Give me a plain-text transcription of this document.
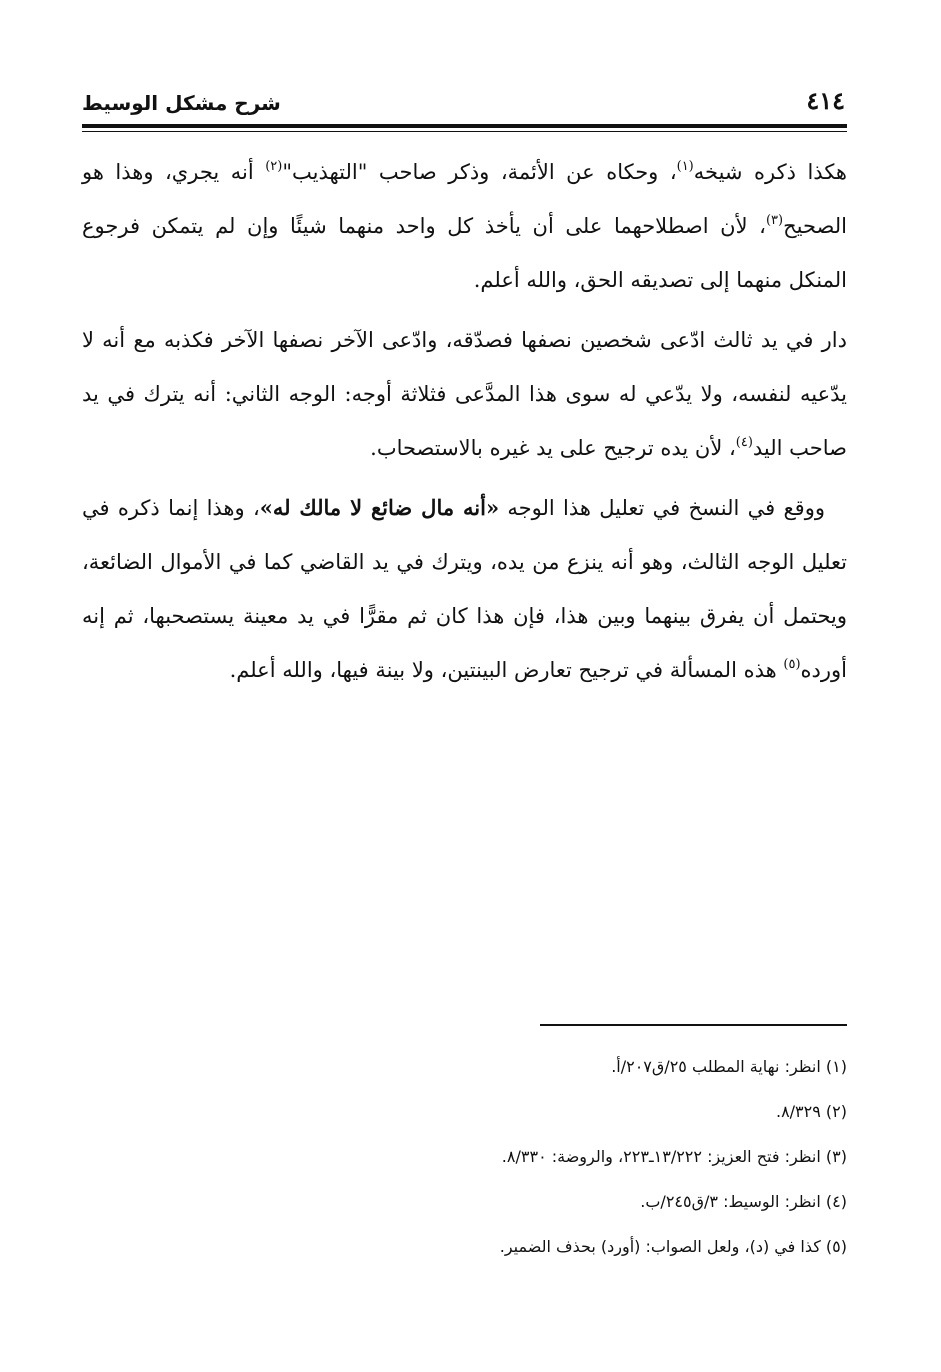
٤١٤
شرح مشكل الوسيط

هكذا ذكره شيخه$^{(١)}$، وحكاه عن الأئمة، وذكر صاحب "التهذيب"$^{(٢)}$ أنه يجري، وهذا هو الصحيح$^{(٣)}$، لأن اصطلاحهما على أن يأخذ كل واحد منهما شيئًا وإن لم يتمكن فرجوع المنكل منهما إلى تصديقه الحق، والله أعلم.

دار في يد ثالث ادّعى شخصين نصفها فصدّقه، وادّعى الآخر نصفها الآخر فكذبه مع أنه لا يدّعيه لنفسه، ولا يدّعي له سوى هذا المدَّعى فثلاثة أوجه: الوجه الثاني: أنه يترك في يد صاحب اليد$^{(٤)}$، لأن يده ترجيح على يد غيره بالاستصحاب.

ووقع في النسخ في تعليل هذا الوجه «أنه مال ضائع لا مالك له»، وهذا إنما ذكره في تعليل الوجه الثالث، وهو أنه ينزع من يده، ويترك في يد القاضي كما في الأموال الضائعة، ويحتمل أن يفرق بينهما وبين هذا، فإن هذا كان ثم مقرًّا في يد معينة يستصحبها، ثم إنه أورده$^{(٥)}$ هذه المسألة في ترجيح تعارض البينتين، ولا بينة فيها، والله أعلم.

(١) انظر: نهاية المطلب ٢٥/ق٢٠٧/أ.
(٢) ٨/٣٢٩.
(٣) انظر: فتح العزيز: ١٣/٢٢٢ـ٢٢٣، والروضة: ٨/٣٣٠.
(٤) انظر: الوسيط: ٣/ق٢٤٥/ب.
(٥) كذا في (د)، ولعل الصواب: (أورد) بحذف الضمير.
